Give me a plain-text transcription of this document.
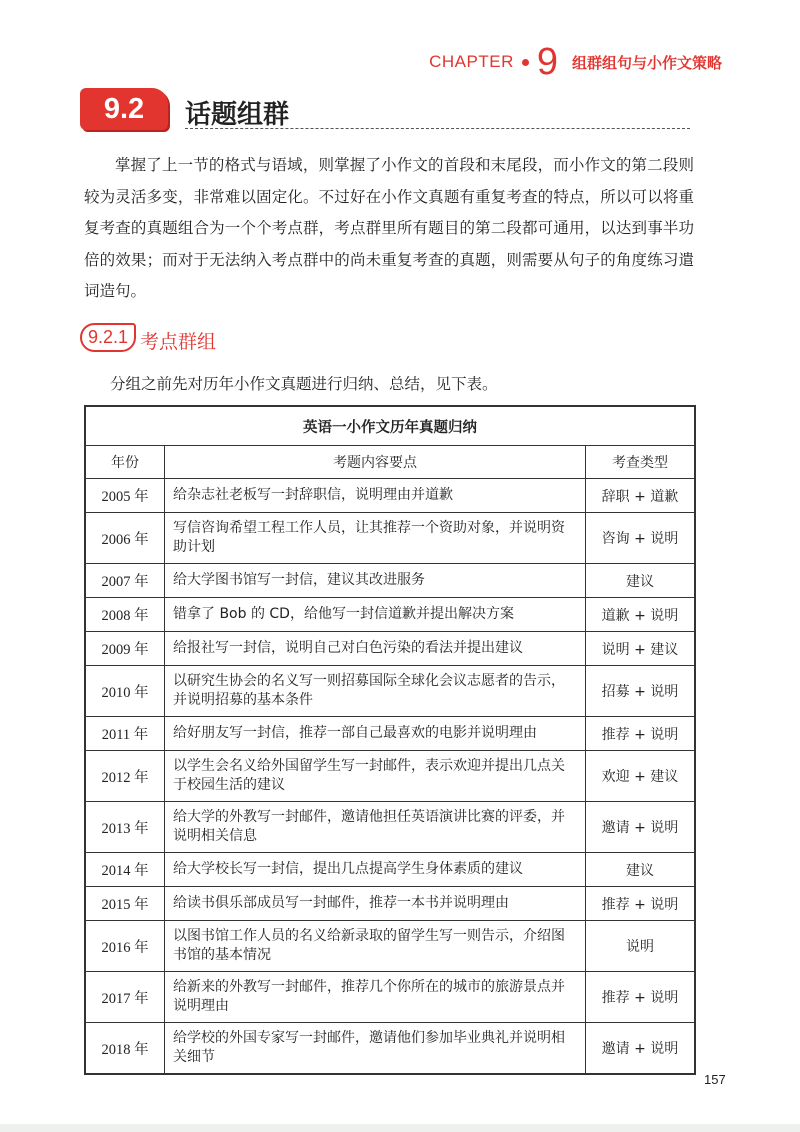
CHAPTER 9 组群组句与小作文策略
9.2	话题组群

掌握了上一节的格式与语域，则掌握了小作文的首段和末尾段，而小作文的第二段则较为灵活多变，非常难以固定化。不过好在小作文真题有重复考查的特点，所以可以将重复考查的真题组合为一个个考点群，考点群里所有题目的第二段都可通用，以达到事半功倍的效果；而对于无法纳入考点群中的尚未重复考查的真题，则需要从句子的角度练习遣词造句。

9.2.1 考点群组

分组之前先对历年小作文真题进行归纳、总结，见下表。

英语一小作文历年真题归纳		
年份	考题内容要点	考查类型
2005 年	给杂志社老板写一封辞职信，说明理由并道歉	辞职 + 道歉
2006 年	写信咨询希望工程工作人员，让其推荐一个资助对象，并说明资助计划	咨询 + 说明
2007 年	给大学图书馆写一封信，建议其改进服务	建议
2008 年	错拿了 Bob 的 CD，给他写一封信道歉并提出解决方案	道歉 + 说明
2009 年	给报社写一封信，说明自己对白色污染的看法并提出建议	说明 + 建议
2010 年	以研究生协会的名义写一则招募国际全球化会议志愿者的告示，并说明招募的基本条件	招募 + 说明
2011 年	给好朋友写一封信，推荐一部自己最喜欢的电影并说明理由	推荐 + 说明
2012 年	以学生会名义给外国留学生写一封邮件，表示欢迎并提出几点关于校园生活的建议	欢迎 + 建议
2013 年	给大学的外教写一封邮件，邀请他担任英语演讲比赛的评委，并说明相关信息	邀请 + 说明
2014 年	给大学校长写一封信，提出几点提高学生身体素质的建议	建议
2015 年	给读书俱乐部成员写一封邮件，推荐一本书并说明理由	推荐 + 说明
2016 年	以图书馆工作人员的名义给新录取的留学生写一则告示，介绍图书馆的基本情况	说明
2017 年	给新来的外教写一封邮件，推荐几个你所在的城市的旅游景点并说明理由	推荐 + 说明
2018 年	给学校的外国专家写一封邮件，邀请他们参加毕业典礼并说明相关细节	邀请 + 说明
157
